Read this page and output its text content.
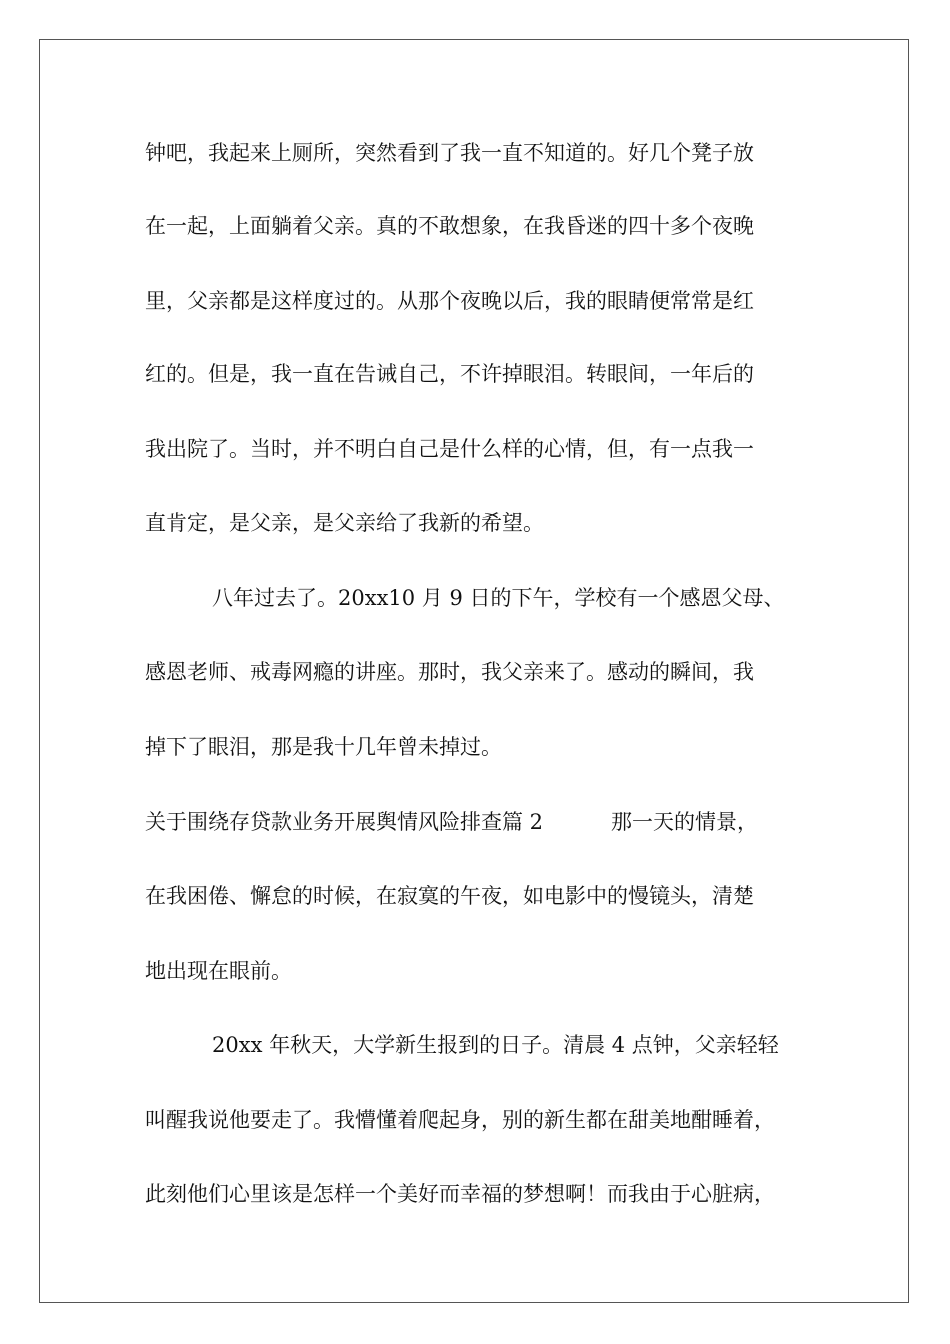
钟吧，我起来上厕所，突然看到了我一直不知道的。好几个凳子放
在一起，上面躺着父亲。真的不敢想象，在我昏迷的四十多个夜晚
里，父亲都是这样度过的。从那个夜晚以后，我的眼睛便常常是红
红的。但是，我一直在告诫自己，不许掉眼泪。转眼间，一年后的
我出院了。当时，并不明白自己是什么样的心情，但，有一点我一
直肯定，是父亲，是父亲给了我新的希望。
八年过去了。20xx10 月 9 日的下午，学校有一个感恩父母、
感恩老师、戒毒网瘾的讲座。那时，我父亲来了。感动的瞬间，我
掉下了眼泪，那是我十几年曾未掉过。
关于围绕存贷款业务开展舆情风险排查篇 2	那一天的情景，
在我困倦、懈怠的时候，在寂寞的午夜，如电影中的慢镜头，清楚
地出现在眼前。
20xx 年秋天，大学新生报到的日子。清晨 4 点钟，父亲轻轻
叫醒我说他要走了。我懵懂着爬起身，别的新生都在甜美地酣睡着，
此刻他们心里该是怎样一个美好而幸福的梦想啊！而我由于心脏病，
